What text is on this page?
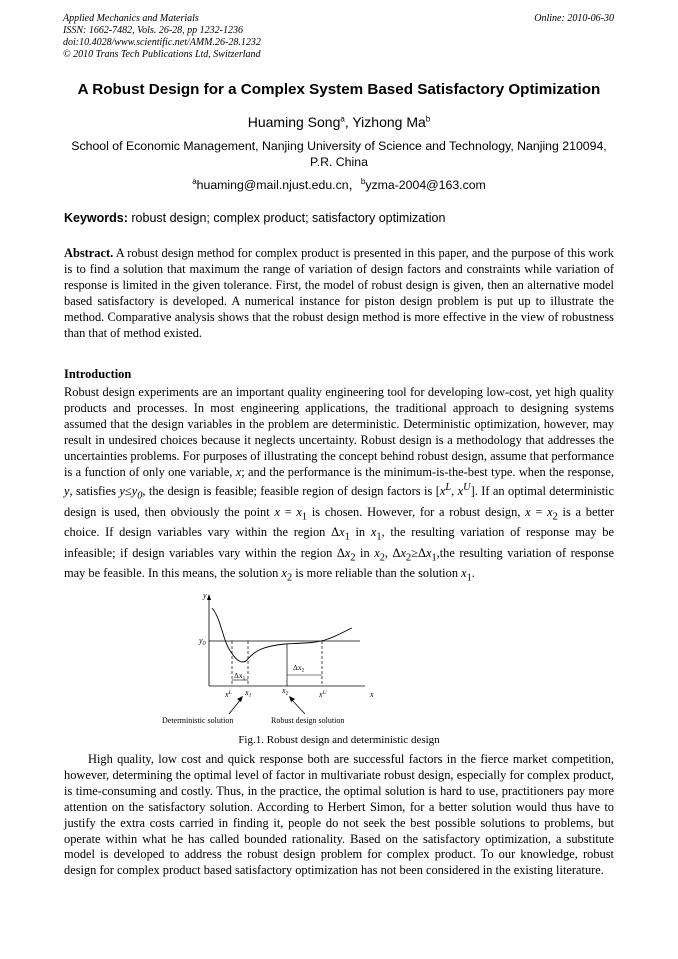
Applied Mechanics and Materials
ISSN: 1662-7482, Vols. 26-28, pp 1232-1236
doi:10.4028/www.scientific.net/AMM.26-28.1232
© 2010 Trans Tech Publications Ltd, Switzerland
Online: 2010-06-30
A Robust Design for a Complex System Based Satisfactory Optimization
Huaming Song$^a$, Yizhong Ma$^b$
School of Economic Management, Nanjing University of Science and Technology, Nanjing 210094, P.R. China
$^a$huaming@mail.njust.edu.cn，$^b$yzma-2004@163.com
Keywords: robust design; complex product; satisfactory optimization
Abstract. A robust design method for complex product is presented in this paper, and the purpose of this work is to find a solution that maximum the range of variation of design factors and constraints while variation of response is limited in the given tolerance. First, the model of robust design is given, then an alternative model based satisfactory is developed. A numerical instance for piston design problem is put up to illustrate the method. Comparative analysis shows that the robust design method is more effective in the view of robustness than that of method existed.
Introduction
Robust design experiments are an important quality engineering tool for developing low-cost, yet high quality products and processes. In most engineering applications, the traditional approach to designing systems assumed that the design variables in the problem are deterministic. Deterministic optimization, however, may result in undesired choices because it neglects uncertainty. Robust design is a methodology that addresses the uncertainties problems. For purposes of illustrating the concept behind robust design, assume that performance is a function of only one variable, x; and the performance is the minimum-is-the-best type. when the response, y, satisfies $y\le y_0$, the design is feasible; feasible region of design factors is [$x^L$, $x^U$]. If an optimal deterministic design is used, then obviously the point $x = x_1$ is chosen. However, for a robust design, $x = x_2$ is a better choice. If design variables vary within the region $\Delta x_1$ in $x_1$, the resulting variation of response may be infeasible; if design variables vary within the region $\Delta x_2$ in $x_2$, $\Delta x_2\ge\Delta x_1,the$ resulting variation of response may be feasible. In this means, the solution $x_2$ is more reliable than the solution $x_1$.
y
x
$y_0$
$\Delta x_1$
$\Delta x_2$
$x^L$ x1
x2	$x^U$
Deterministic solution	Robust design solution
Fig.1. Robust design and deterministic design
High quality, low cost and quick response both are successful factors in the fierce market competition, however, determining the optimal level of factor in multivariate robust design, especially for complex product, is time-consuming and costly. Thus, in the practice, the optimal solution is hard to use, practitioners pay more attention on the satisfactory solution. According to Herbert Simon, for a better solution would thus have to justify the extra costs carried in finding it, people do not seek the best possible solutions to problems, but operate within what he has called bounded rationality. Based on the satisfactory optimization, a substitute model is developed to address the robust design problem for complex product. To our knowledge, robust design for complex product based satisfactory optimization has not been considered in the existing literature.
